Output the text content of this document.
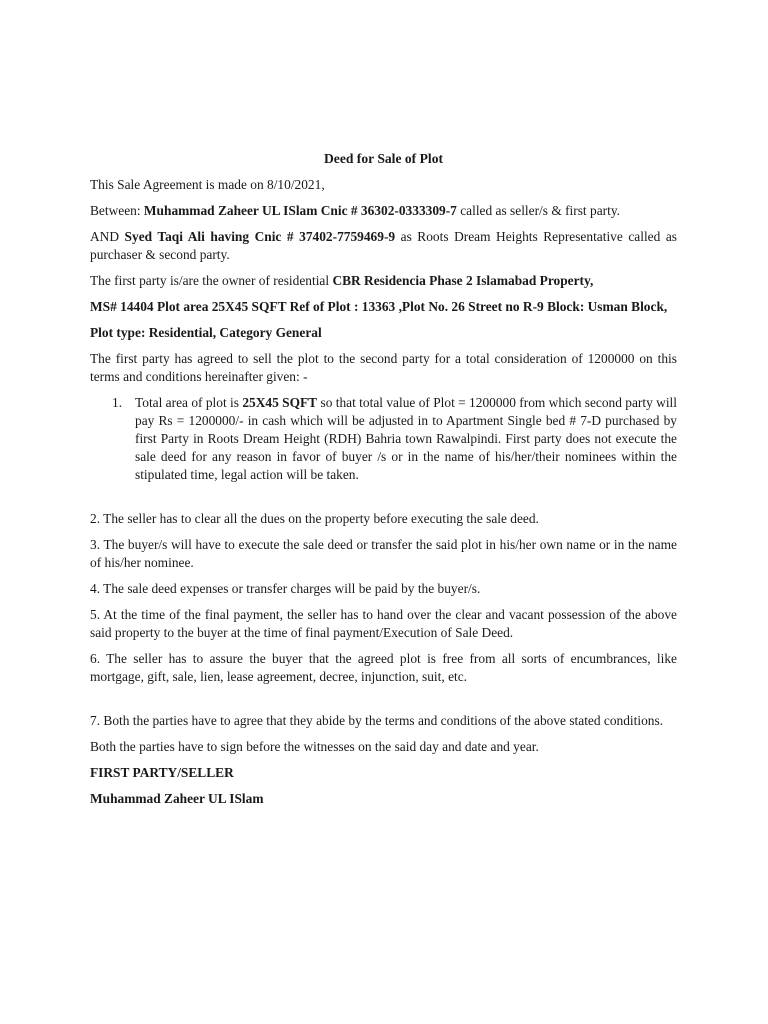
Deed for Sale of Plot

This Sale Agreement is made on 8/10/2021,

Between: Muhammad Zaheer UL ISlam Cnic # 36302-0333309-7 called as seller/s & first party.

AND Syed Taqi Ali having Cnic # 37402-7759469-9 as Roots Dream Heights Representative called as purchaser & second party.

The first party is/are the owner of residential CBR Residencia Phase 2 Islamabad Property,

MS# 14404 Plot area 25X45 SQFT Ref of Plot : 13363 ,Plot No. 26 Street no R-9 Block: Usman Block,

Plot type: Residential, Category General

The first party has agreed to sell the plot to the second party for a total consideration of 1200000 on this terms and conditions hereinafter given: -

1. Total area of plot is 25X45 SQFT so that total value of Plot = 1200000 from which second party will pay Rs = 1200000/- in cash which will be adjusted in to Apartment Single bed # 7-D purchased by first Party in Roots Dream Height (RDH) Bahria town Rawalpindi. First party does not execute the sale deed for any reason in favor of buyer /s or in the name of his/her/their nominees within the stipulated time, legal action will be taken.

2. The seller has to clear all the dues on the property before executing the sale deed.

3. The buyer/s will have to execute the sale deed or transfer the said plot in his/her own name or in the name of his/her nominee.

4. The sale deed expenses or transfer charges will be paid by the buyer/s.

5. At the time of the final payment, the seller has to hand over the clear and vacant possession of the above said property to the buyer at the time of final payment/Execution of Sale Deed.

6. The seller has to assure the buyer that the agreed plot is free from all sorts of encumbrances, like mortgage, gift, sale, lien, lease agreement, decree, injunction, suit, etc.

7. Both the parties have to agree that they abide by the terms and conditions of the above stated conditions.

Both the parties have to sign before the witnesses on the said day and date and year.

FIRST PARTY/SELLER
Muhammad Zaheer UL ISlam
